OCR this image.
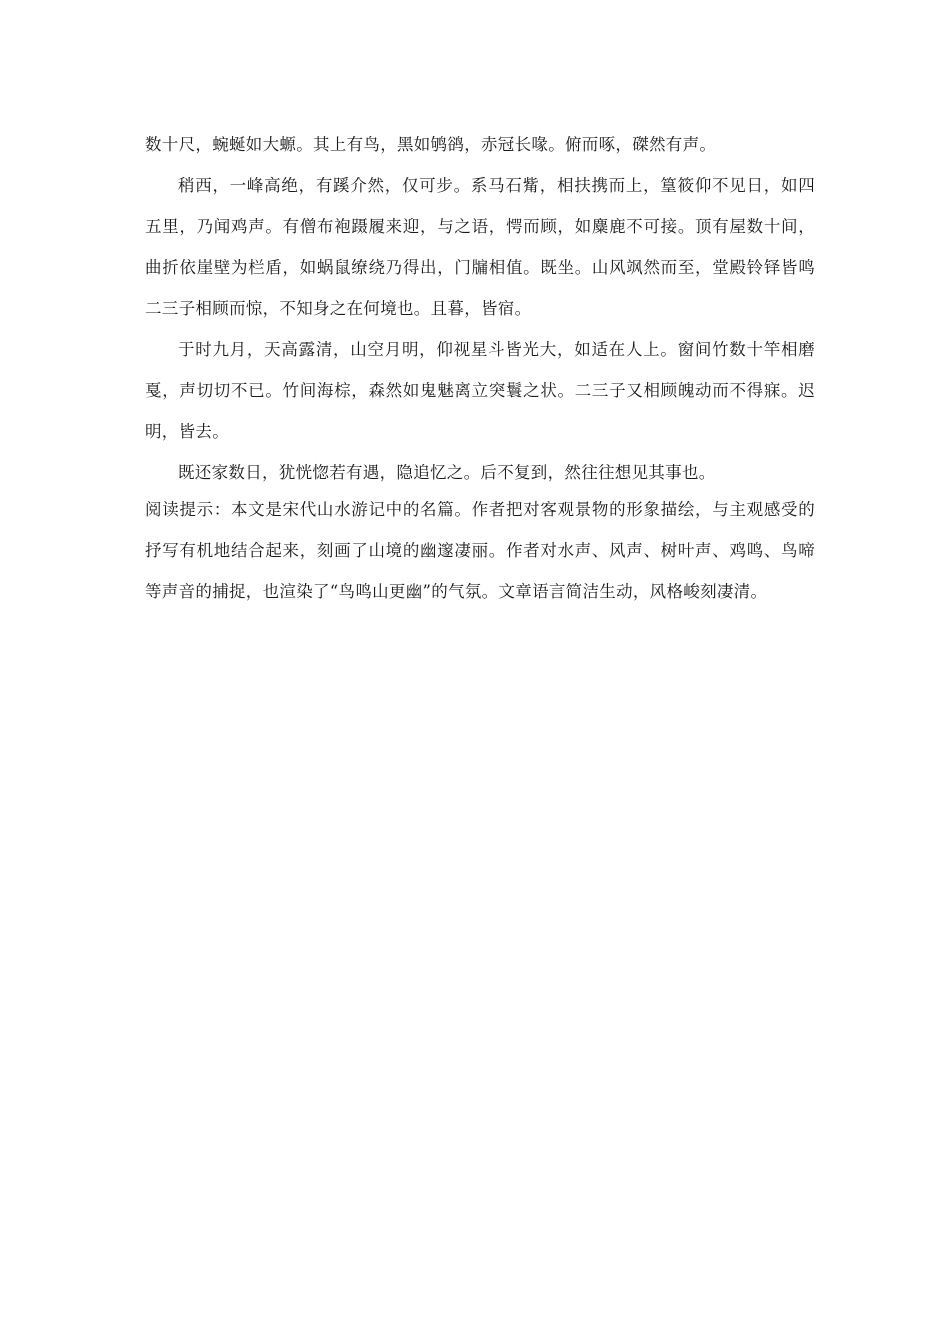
数十尺，蜿蜒如大螈。其上有鸟，黑如鸲鹆，赤冠长喙。俯而啄，磔然有声。

稍西，一峰高绝，有蹊介然，仅可步。系马石觜，相扶携而上，篁筱仰不见日，如四五里，乃闻鸡声。有僧布袍蹑履来迎，与之语，愕而顾，如麋鹿不可接。顶有屋数十间，曲折依崖壁为栏盾，如蜗鼠缭绕乃得出，门牖相值。既坐。山风飒然而至，堂殿铃铎皆鸣二三子相顾而惊，不知身之在何境也。且暮，皆宿。

于时九月，天高露清，山空月明，仰视星斗皆光大，如适在人上。窗间竹数十竿相磨戛，声切切不已。竹间海棕，森然如鬼魅离立突鬟之状。二三子又相顾魄动而不得寐。迟明，皆去。

既还家数日，犹恍惚若有遇，隐追忆之。后不复到，然往往想见其事也。

阅读提示：本文是宋代山水游记中的名篇。作者把对客观景物的形象描绘，与主观感受的抒写有机地结合起来，刻画了山境的幽邃凄丽。作者对水声、风声、树叶声、鸡鸣、鸟啼等声音的捕捉，也渲染了“鸟鸣山更幽”的气氛。文章语言简洁生动，风格峻刻凄清。
